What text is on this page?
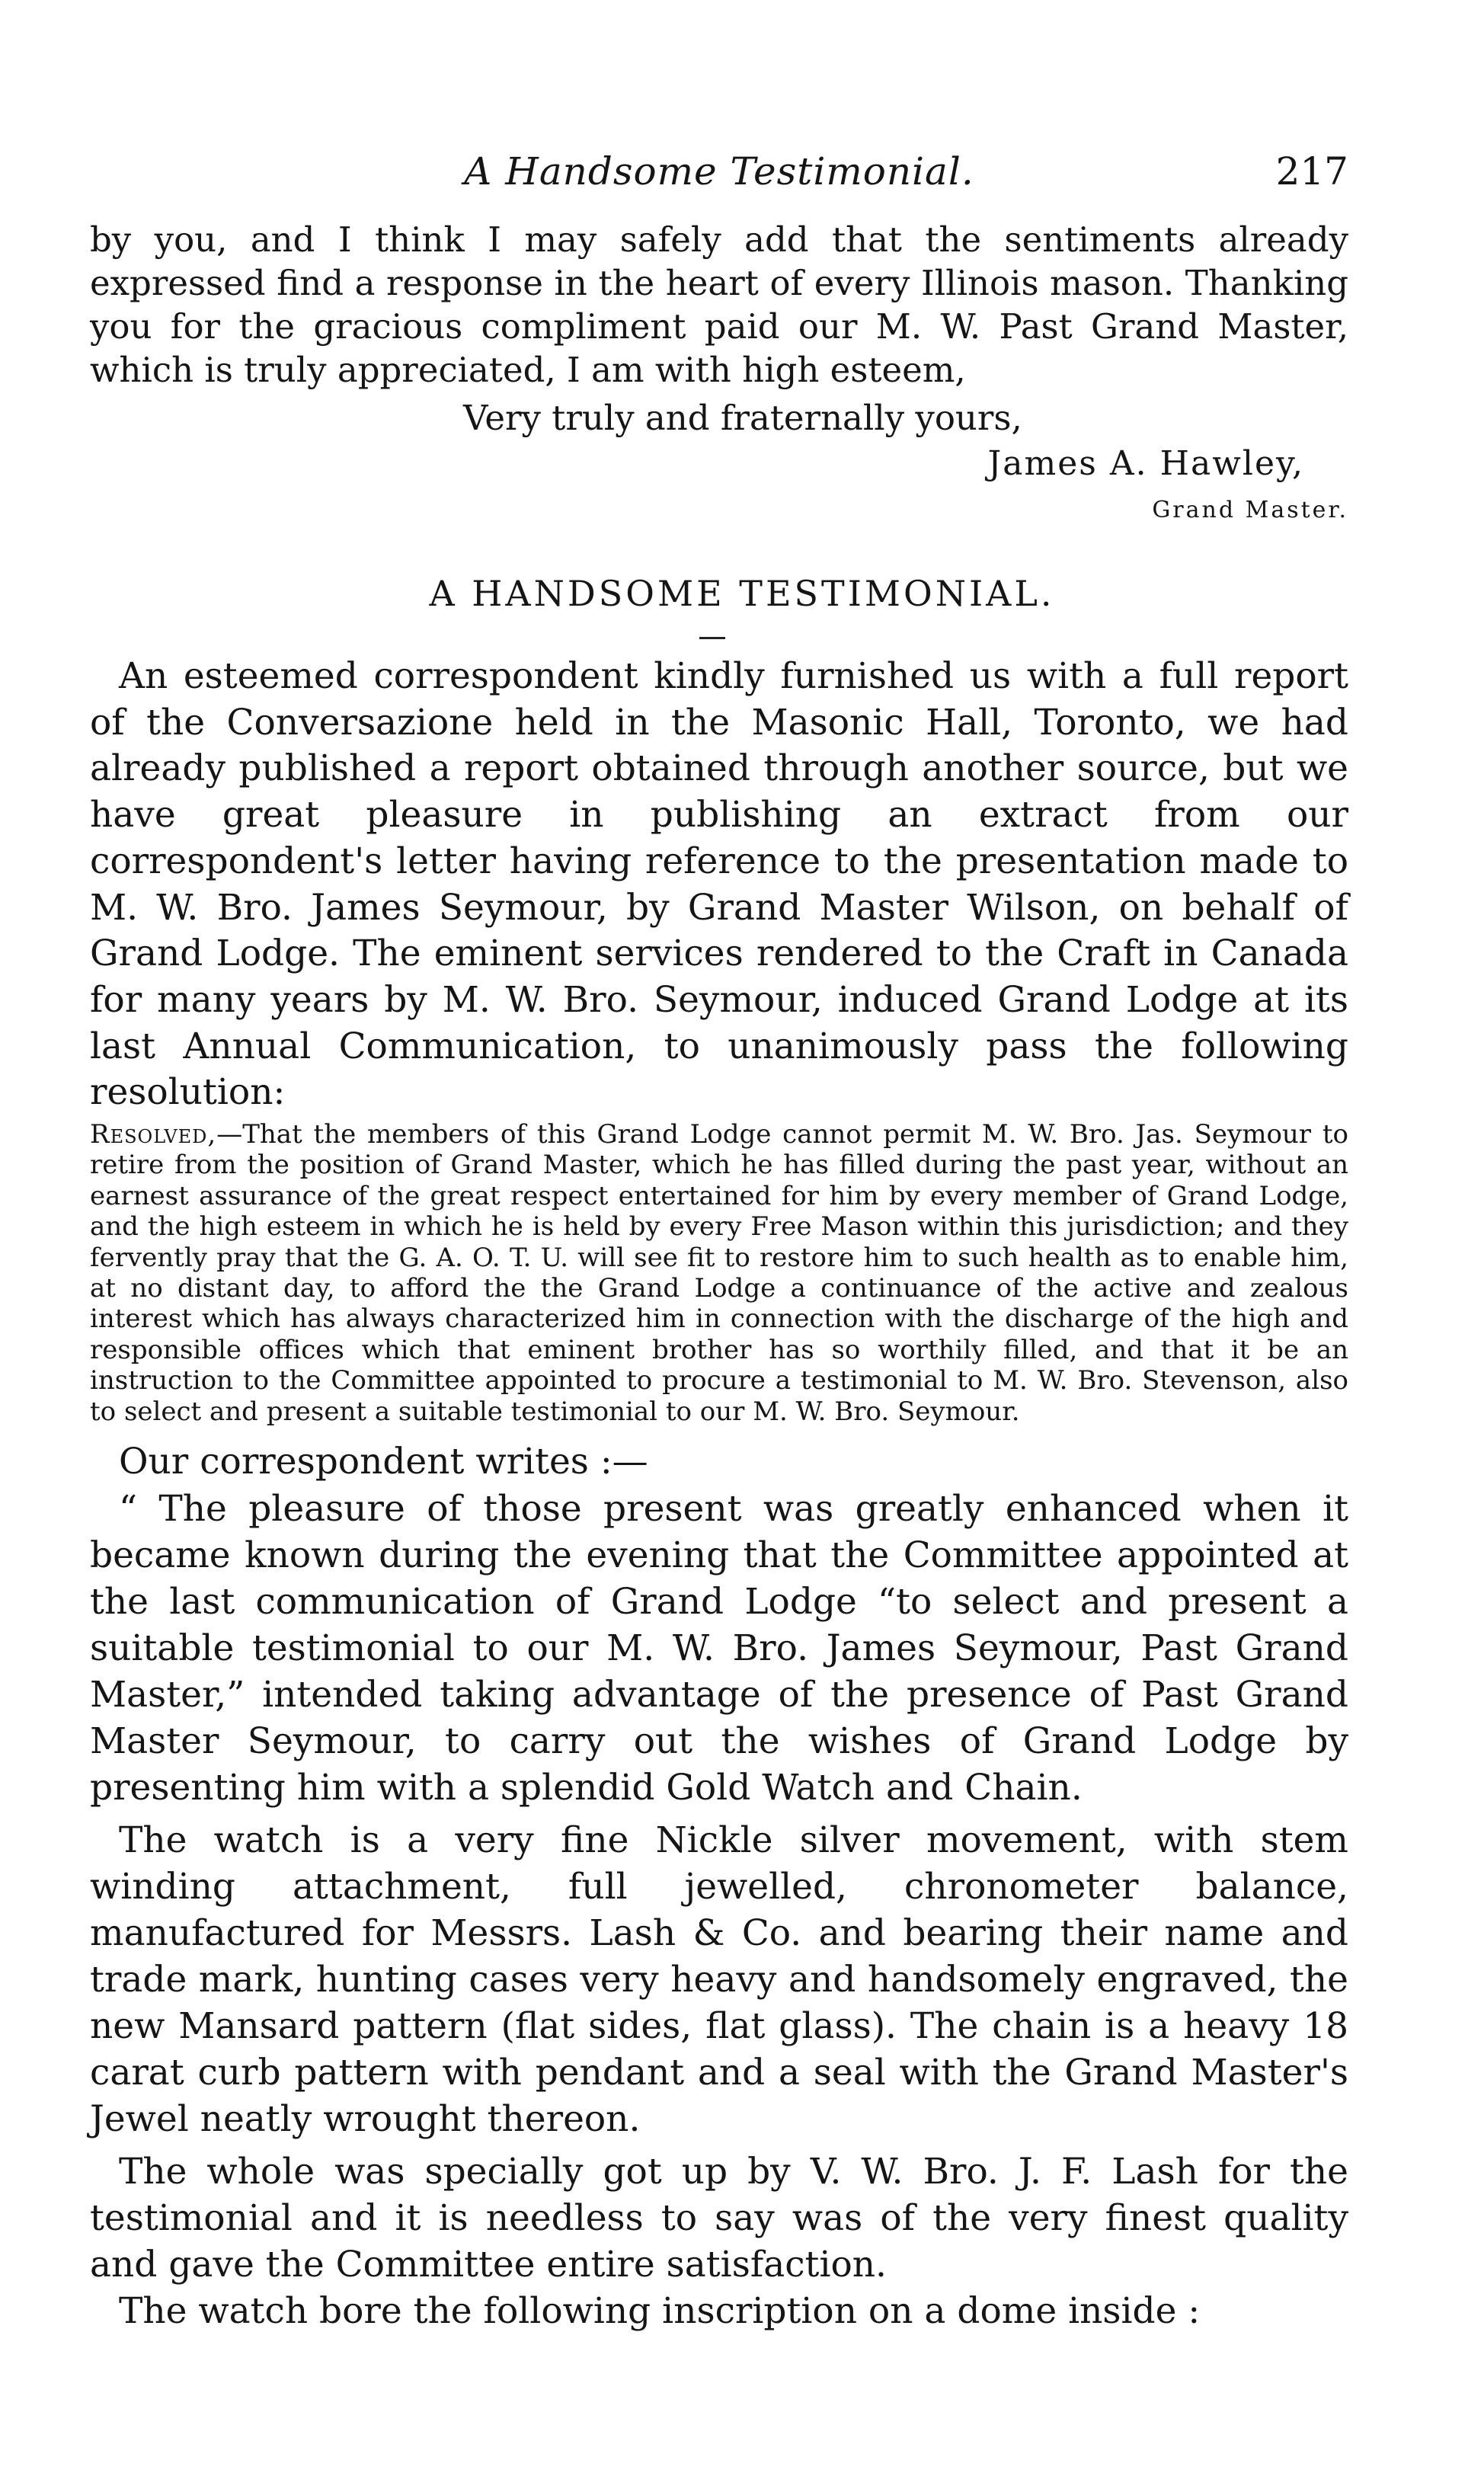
A Handsome Testimonial.	217

by you, and I think I may safely add that the sentiments already expressed find a response in the heart of every Illinois mason. Thanking you for the gracious compliment paid our M. W. Past Grand Master, which is truly appreciated, I am with high esteem,

Very truly and fraternally yours,
James A. Hawley,
Grand Master.
A HANDSOME TESTIMONIAL.

An esteemed correspondent kindly furnished us with a full report of the Conversazione held in the Masonic Hall, Toronto, we had already published a report obtained through another source, but we have great pleasure in publishing an extract from our correspondent's letter having reference to the presentation made to M. W. Bro. James Seymour, by Grand Master Wilson, on behalf of Grand Lodge. The eminent services rendered to the Craft in Canada for many years by M. W. Bro. Seymour, induced Grand Lodge at its last Annual Communication, to unanimously pass the following resolution:

Resolved,—That the members of this Grand Lodge cannot permit M. W. Bro. Jas. Seymour to retire from the position of Grand Master, which he has filled during the past year, without an earnest assurance of the great respect entertained for him by every member of Grand Lodge, and the high esteem in which he is held by every Free Mason within this jurisdiction; and they fervently pray that the G. A. O. T. U. will see fit to restore him to such health as to enable him, at no distant day, to afford the the Grand Lodge a continuance of the active and zealous interest which has always characterized him in connection with the discharge of the high and responsible offices which that eminent brother has so worthily filled, and that it be an instruction to the Committee appointed to procure a testimonial to M. W. Bro. Stevenson, also to select and present a suitable testimonial to our M. W. Bro. Seymour.

Our correspondent writes :—

“ The pleasure of those present was greatly enhanced when it became known during the evening that the Committee appointed at the last communication of Grand Lodge “to select and present a suitable testimonial to our M. W. Bro. James Seymour, Past Grand Master,” intended taking advantage of the presence of Past Grand Master Seymour, to carry out the wishes of Grand Lodge by presenting him with a splendid Gold Watch and Chain.

The watch is a very fine Nickle silver movement, with stem winding attachment, full jewelled, chronometer balance, manufactured for Messrs. Lash & Co. and bearing their name and trade mark, hunting cases very heavy and handsomely engraved, the new Mansard pattern (flat sides, flat glass). The chain is a heavy 18 carat curb pattern with pendant and a seal with the Grand Master's Jewel neatly wrought thereon.

The whole was specially got up by V. W. Bro. J. F. Lash for the testimonial and it is needless to say was of the very finest quality and gave the Committee entire satisfaction.

The watch bore the following inscription on a dome inside :
